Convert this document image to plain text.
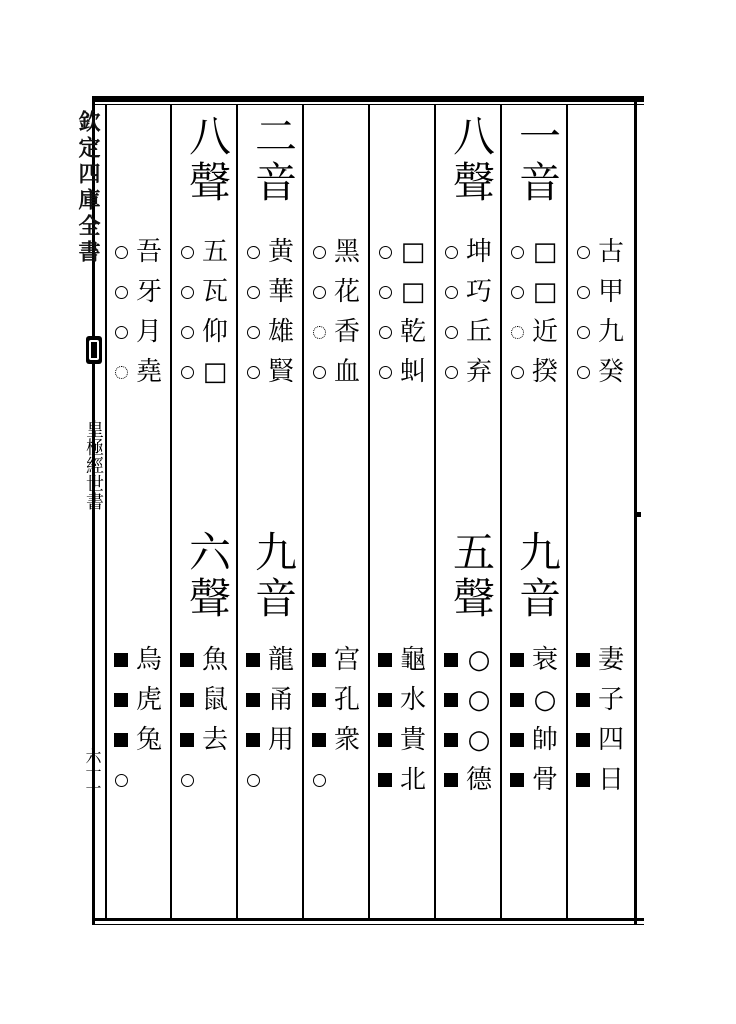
欽定四庫全書
皇極經世書
六十一
古
甲
九
癸
妻
子
四
日
一音
□
□
近
揆
九音
衰
○
帥
骨
八聲
坤
巧
丘
弃
五聲
○
○
○
德
□
□
乾
虯
龜
水
貴
北
黑
花
香
血
宫
孔
衆
二音
黄
華
雄
賢
九音
龍
甬
用
八聲
五
瓦
仰
□
六聲
魚
鼠
去
吾
牙
月
堯
烏
虎
兔
